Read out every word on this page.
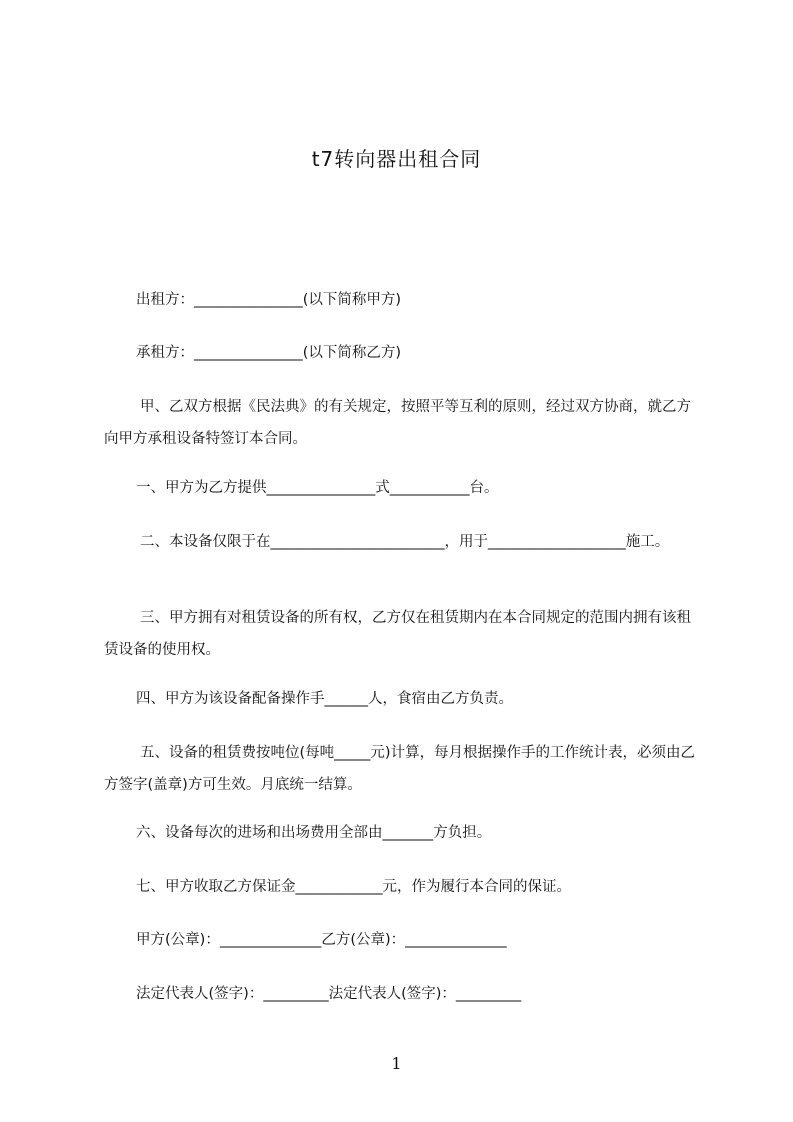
t7转向器出租合同
出租方：_______________(以下简称甲方)
承租方：_______________(以下简称乙方)
甲、乙双方根据《民法典》的有关规定，按照平等互利的原则，经过双方协商，就乙方向甲方承租设备特签订本合同。
一、甲方为乙方提供_______________式___________台。
二、本设备仅限于在________________________，用于___________________施工。
三、甲方拥有对租赁设备的所有权，乙方仅在租赁期内在本合同规定的范围内拥有该租赁设备的使用权。
四、甲方为该设备配备操作手______人，食宿由乙方负责。
五、设备的租赁费按吨位(每吨_____元)计算，每月根据操作手的工作统计表，必须由乙方签字(盖章)方可生效。月底统一结算。
六、设备每次的进场和出场费用全部由_______方负担。
七、甲方收取乙方保证金____________元，作为履行本合同的保证。
甲方(公章)：______________乙方(公章)：______________
法定代表人(签字)：_________法定代表人(签字)：_________
1
